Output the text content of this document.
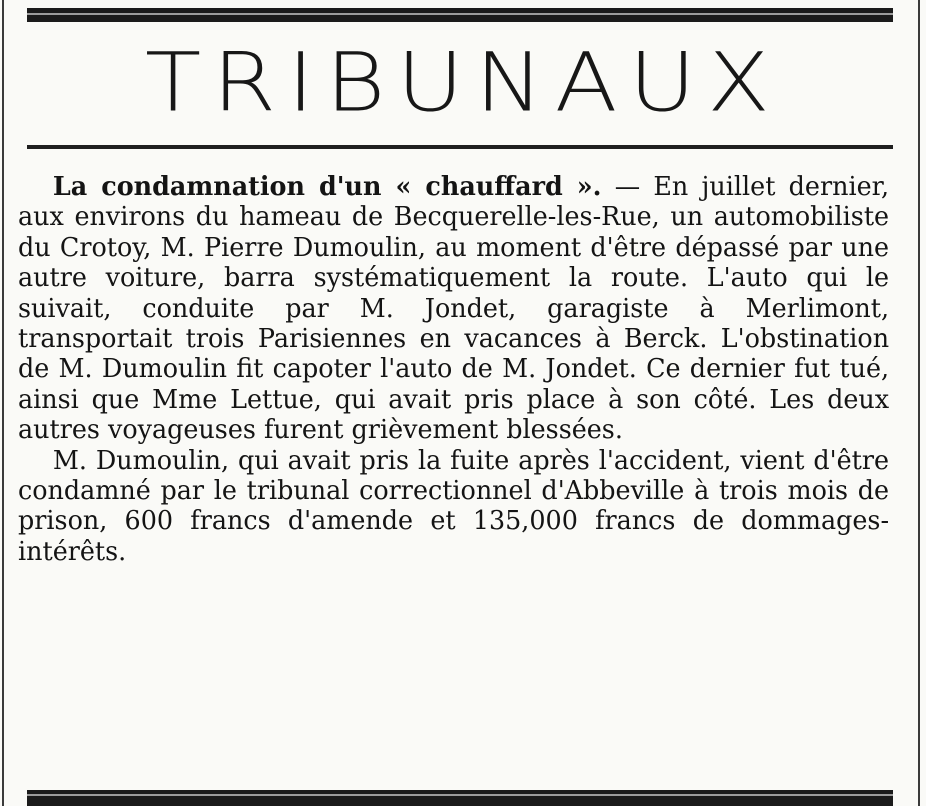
TRIBUNAUX

La condamnation d'un « chauffard ». — En juillet dernier, aux environs du hameau de Becquerelle-les-Rue, un automobiliste du Crotoy, M. Pierre Dumoulin, au moment d'être dépassé par une autre voiture, barra systématiquement la route. L'auto qui le suivait, conduite par M. Jondet, garagiste à Merlimont, transportait trois Parisiennes en vacances à Berck. L'obstination de M. Dumoulin fit capoter l'auto de M. Jondet. Ce dernier fut tué, ainsi que Mme Lettue, qui avait pris place à son côté. Les deux autres voyageuses furent grièvement blessées.

M. Dumoulin, qui avait pris la fuite après l'accident, vient d'être condamné par le tribunal correctionnel d'Abbeville à trois mois de prison, 600 francs d'amende et 135,000 francs de dommages-intérêts.
